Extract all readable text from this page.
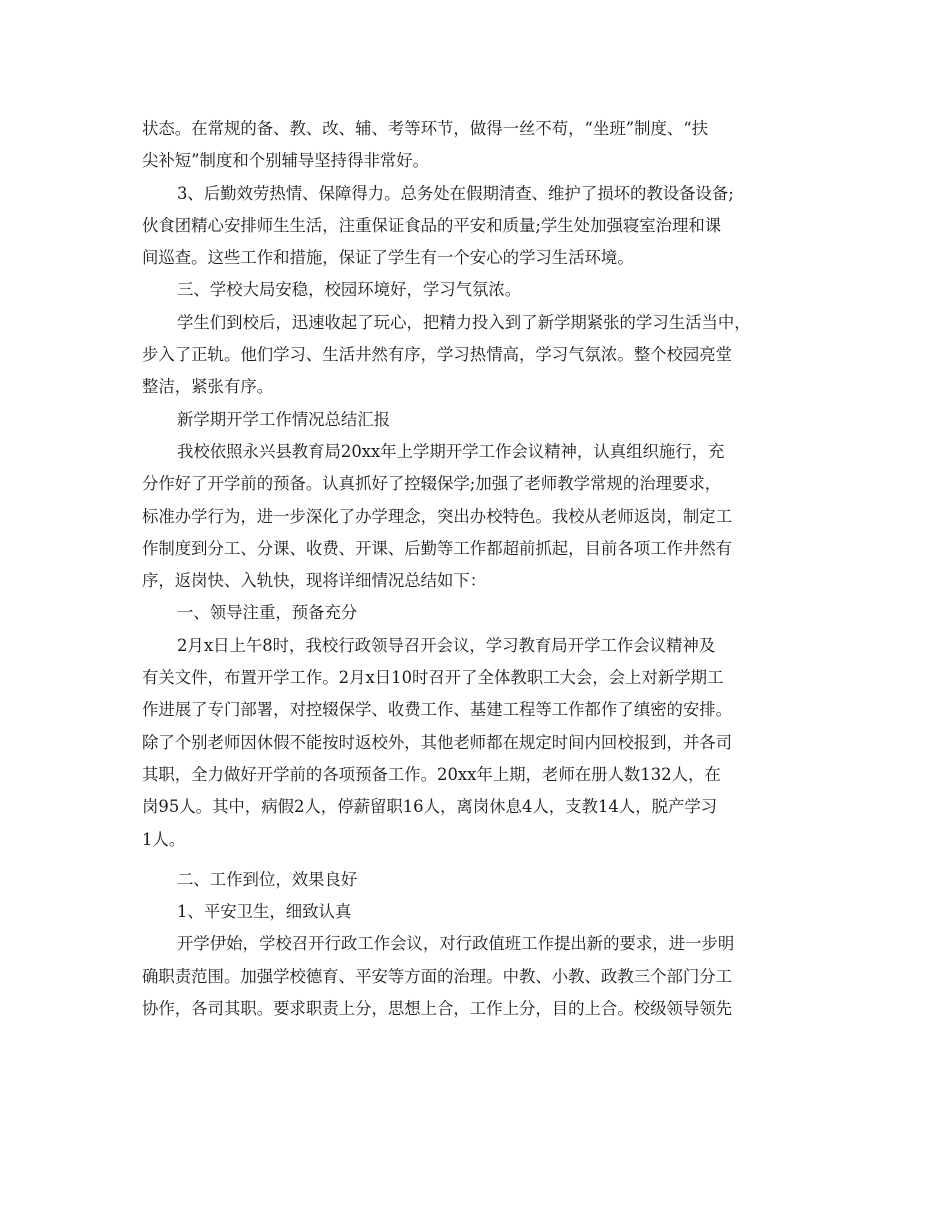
状态。在常规的备、教、改、辅、考等环节，做得一丝不苟，“坐班”制度、“扶
尖补短”制度和个别辅导坚持得非常好。
3、后勤效劳热情、保障得力。总务处在假期清查、维护了损坏的教设备设备;
伙食团精心安排师生生活，注重保证食品的平安和质量;学生处加强寝室治理和课
间巡查。这些工作和措施，保证了学生有一个安心的学习生活环境。
三、学校大局安稳，校园环境好，学习气氛浓。
学生们到校后，迅速收起了玩心，把精力投入到了新学期紧张的学习生活当中，
步入了正轨。他们学习、生活井然有序，学习热情高，学习气氛浓。整个校园亮堂
整洁，紧张有序。
新学期开学工作情况总结汇报
我校依照永兴县教育局20xx年上学期开学工作会议精神，认真组织施行，充
分作好了开学前的预备。认真抓好了控辍保学;加强了老师教学常规的治理要求，
标准办学行为，进一步深化了办学理念，突出办校特色。我校从老师返岗，制定工
作制度到分工、分课、收费、开课、后勤等工作都超前抓起，目前各项工作井然有
序，返岗快、入轨快，现将详细情况总结如下：
一、领导注重，预备充分
2月x日上午8时，我校行政领导召开会议，学习教育局开学工作会议精神及
有关文件，布置开学工作。2月x日10时召开了全体教职工大会，会上对新学期工
作进展了专门部署，对控辍保学、收费工作、基建工程等工作都作了缜密的安排。
除了个别老师因休假不能按时返校外，其他老师都在规定时间内回校报到，并各司
其职，全力做好开学前的各项预备工作。20xx年上期，老师在册人数132人，在
岗95人。其中，病假2人，停薪留职16人，离岗休息4人，支教14人，脱产学习
1人。
二、工作到位，效果良好
1、平安卫生，细致认真
开学伊始，学校召开行政工作会议，对行政值班工作提出新的要求，进一步明
确职责范围。加强学校德育、平安等方面的治理。中教、小教、政教三个部门分工
协作，各司其职。要求职责上分，思想上合，工作上分，目的上合。校级领导领先
